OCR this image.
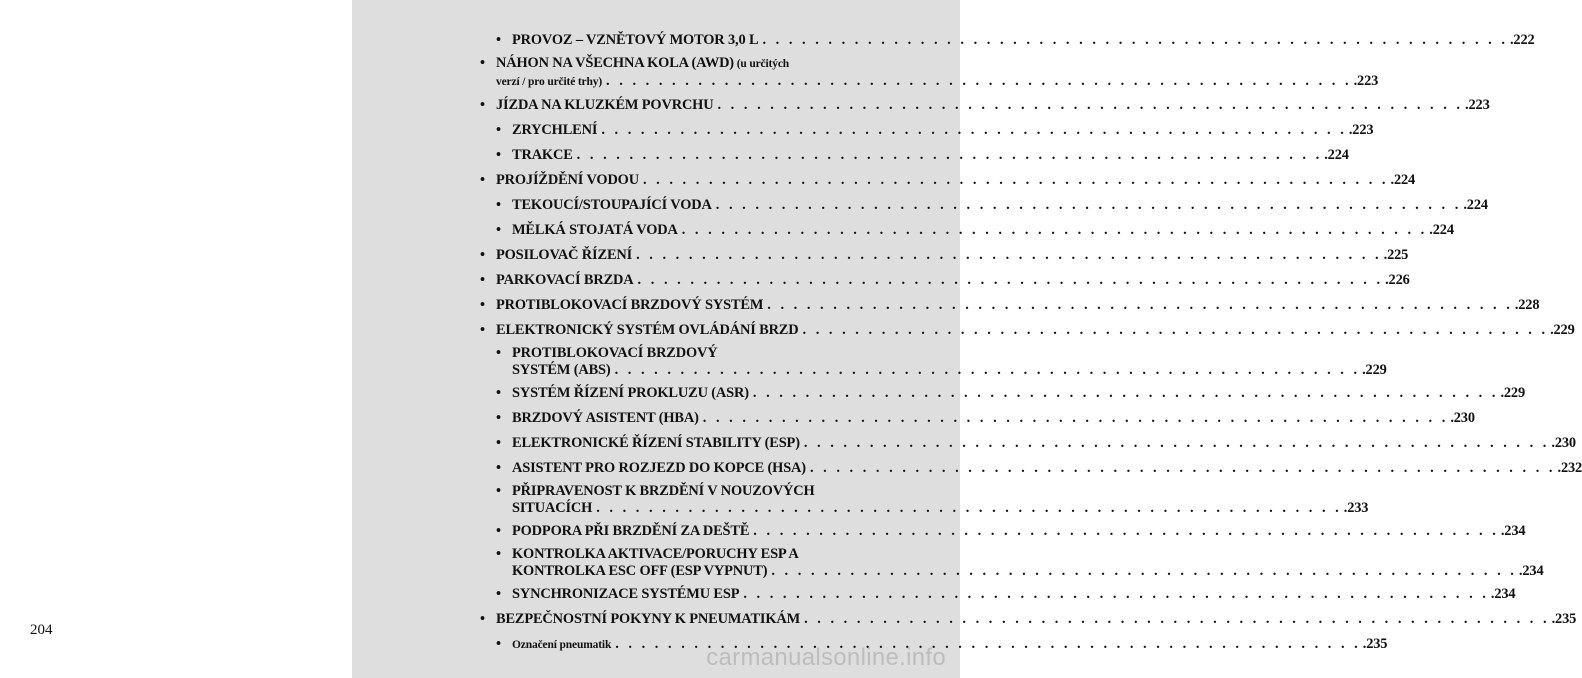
204
• PROVOZ – VZNĚTOVÝ MOTOR 3,0 L . . . . . . . . . . . . . . . . . . . . . . . . . . . . . . . . . . . . . . . . . . . . . . . . . . . . . . . . . .222
• NÁHON NA VŠECHNA KOLA (AWD) (u určitých
verzí / pro určité trhy) . . . . . . . . . . . . . . . . . . . . . . . . . . . . . . . . . . . . . . . . . . . . . . . . . . . . . . . . . .223
• JÍZDA NA KLUZKÉM POVRCHU . . . . . . . . . . . . . . . . . . . . . . . . . . . . . . . . . . . . . . . . . . . . . . . . . . . . . . . . . .223
• ZRYCHLENÍ . . . . . . . . . . . . . . . . . . . . . . . . . . . . . . . . . . . . . . . . . . . . . . . . . . . . . . . . . .223
• TRAKCE . . . . . . . . . . . . . . . . . . . . . . . . . . . . . . . . . . . . . . . . . . . . . . . . . . . . . . . . . .224
• PROJÍŽDĚNÍ VODOU . . . . . . . . . . . . . . . . . . . . . . . . . . . . . . . . . . . . . . . . . . . . . . . . . . . . . . . . . .224
• TEKOUCÍ/STOUPAJÍCÍ VODA . . . . . . . . . . . . . . . . . . . . . . . . . . . . . . . . . . . . . . . . . . . . . . . . . . . . . . . . . .224
• MĚLKÁ STOJATÁ VODA . . . . . . . . . . . . . . . . . . . . . . . . . . . . . . . . . . . . . . . . . . . . . . . . . . . . . . . . . .224
• POSILOVAČ ŘÍZENÍ . . . . . . . . . . . . . . . . . . . . . . . . . . . . . . . . . . . . . . . . . . . . . . . . . . . . . . . . . .225
• PARKOVACÍ BRZDA . . . . . . . . . . . . . . . . . . . . . . . . . . . . . . . . . . . . . . . . . . . . . . . . . . . . . . . . . .226
• PROTIBLOKOVACÍ BRZDOVÝ SYSTÉM . . . . . . . . . . . . . . . . . . . . . . . . . . . . . . . . . . . . . . . . . . . . . . . . . . . . . . . . . .228
• ELEKTRONICKÝ SYSTÉM OVLÁDÁNÍ BRZD . . . . . . . . . . . . . . . . . . . . . . . . . . . . . . . . . . . . . . . . . . . . . . . . . . . . . . . . . .229
• PROTIBLOKOVACÍ BRZDOVÝ
SYSTÉM (ABS) . . . . . . . . . . . . . . . . . . . . . . . . . . . . . . . . . . . . . . . . . . . . . . . . . . . . . . . . . .229
• SYSTÉM ŘÍZENÍ PROKLUZU (ASR) . . . . . . . . . . . . . . . . . . . . . . . . . . . . . . . . . . . . . . . . . . . . . . . . . . . . . . . . . .229
• BRZDOVÝ ASISTENT (HBA) . . . . . . . . . . . . . . . . . . . . . . . . . . . . . . . . . . . . . . . . . . . . . . . . . . . . . . . . . .230
• ELEKTRONICKÉ ŘÍZENÍ STABILITY (ESP) . . . . . . . . . . . . . . . . . . . . . . . . . . . . . . . . . . . . . . . . . . . . . . . . . . . . . . . . . .230
• ASISTENT PRO ROZJEZD DO KOPCE (HSA) . . . . . . . . . . . . . . . . . . . . . . . . . . . . . . . . . . . . . . . . . . . . . . . . . . . . . . . . . .232
• PŘIPRAVENOST K BRZDĚNÍ V NOUZOVÝCH
SITUACÍCH . . . . . . . . . . . . . . . . . . . . . . . . . . . . . . . . . . . . . . . . . . . . . . . . . . . . . . . . . .233
• PODPORA PŘI BRZDĚNÍ ZA DEŠTĚ . . . . . . . . . . . . . . . . . . . . . . . . . . . . . . . . . . . . . . . . . . . . . . . . . . . . . . . . . .234
• KONTROLKA AKTIVACE/PORUCHY ESP A
KONTROLKA ESC OFF (ESP VYPNUT) . . . . . . . . . . . . . . . . . . . . . . . . . . . . . . . . . . . . . . . . . . . . . . . . . . . . . . . . . .234
• SYNCHRONIZACE SYSTÉMU ESP . . . . . . . . . . . . . . . . . . . . . . . . . . . . . . . . . . . . . . . . . . . . . . . . . . . . . . . . . .234
• BEZPEČNOSTNÍ POKYNY K PNEUMATIKÁM . . . . . . . . . . . . . . . . . . . . . . . . . . . . . . . . . . . . . . . . . . . . . . . . . . . . . . . . . .235
• Označení pneumatik . . . . . . . . . . . . . . . . . . . . . . . . . . . . . . . . . . . . . . . . . . . . . . . . . . . . . . . . . .235
carmanualsonline.info
